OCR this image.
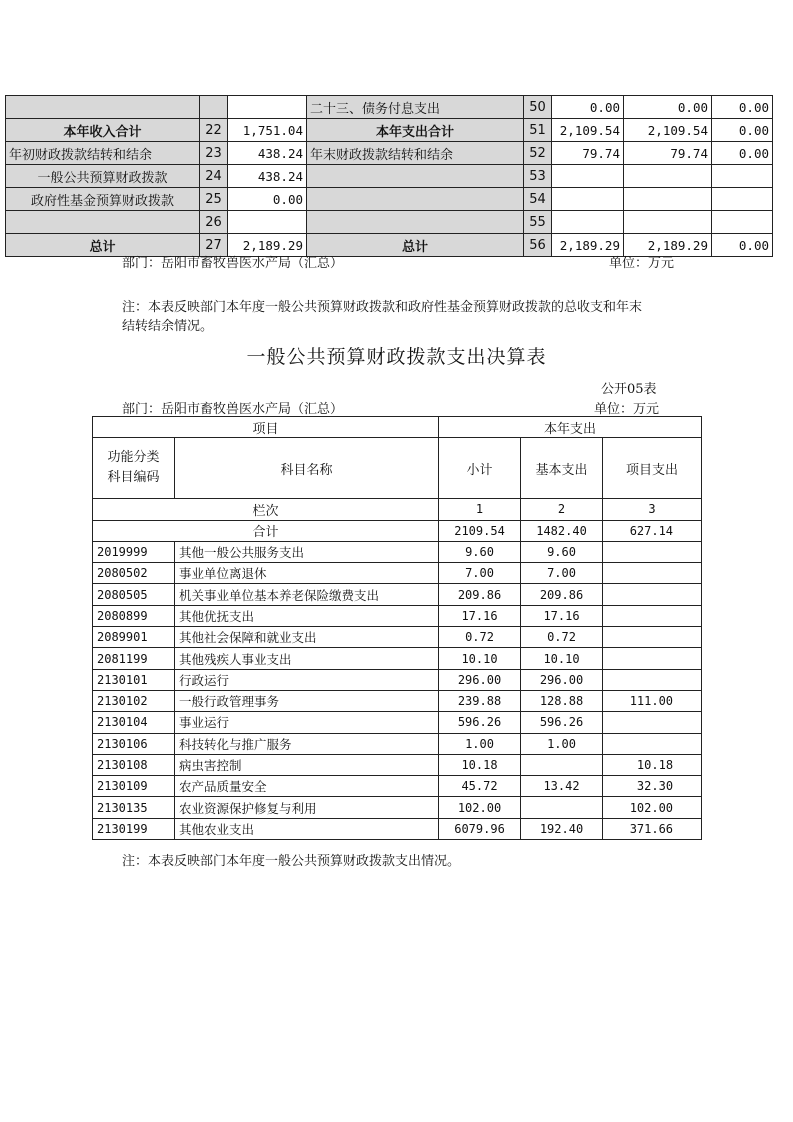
			二十三、债务付息支出	50	0.00	0.00	0.00
本年收入合计	22	1,751.04	本年支出合计	51	2,109.54	2,109.54	0.00
年初财政拨款结转和结余	23	438.24	年末财政拨款结转和结余	52	79.74	79.74	0.00
一般公共预算财政拨款	24	438.24		53			
政府性基金预算财政拨款	25	0.00		54			
	26			55			
总计	27	2,189.29	总计	56	2,189.29	2,189.29	0.00
部门：岳阳市畜牧兽医水产局（汇总）	单位：万元
注：本表反映部门本年度一般公共预算财政拨款和政府性基金预算财政拨款的总收支和年末
结转结余情况。
一般公共预算财政拨款支出决算表
公开05表
部门：岳阳市畜牧兽医水产局（汇总）	单位：万元
项目		本年支出		

功能分类
科目编码	科目名称	小计	基本支出	项目支出
栏次		1	2	3
合计		2109.54	1482.40	627.14
2019999	其他一般公共服务支出	9.60	9.60	
2080502	事业单位离退休	7.00	7.00	
2080505	机关事业单位基本养老保险缴费支出	209.86	209.86	
2080899	其他优抚支出	17.16	17.16	
2089901	其他社会保障和就业支出	0.72	0.72	
2081199	其他残疾人事业支出	10.10	10.10	
2130101	行政运行	296.00	296.00	
2130102	一般行政管理事务	239.88	128.88	111.00
2130104	事业运行	596.26	596.26	
2130106	科技转化与推广服务	1.00	1.00	
2130108	病虫害控制	10.18		10.18
2130109	农产品质量安全	45.72	13.42	32.30
2130135	农业资源保护修复与利用	102.00		102.00
2130199	其他农业支出	6079.96	192.40	371.66
注：本表反映部门本年度一般公共预算财政拨款支出情况。
